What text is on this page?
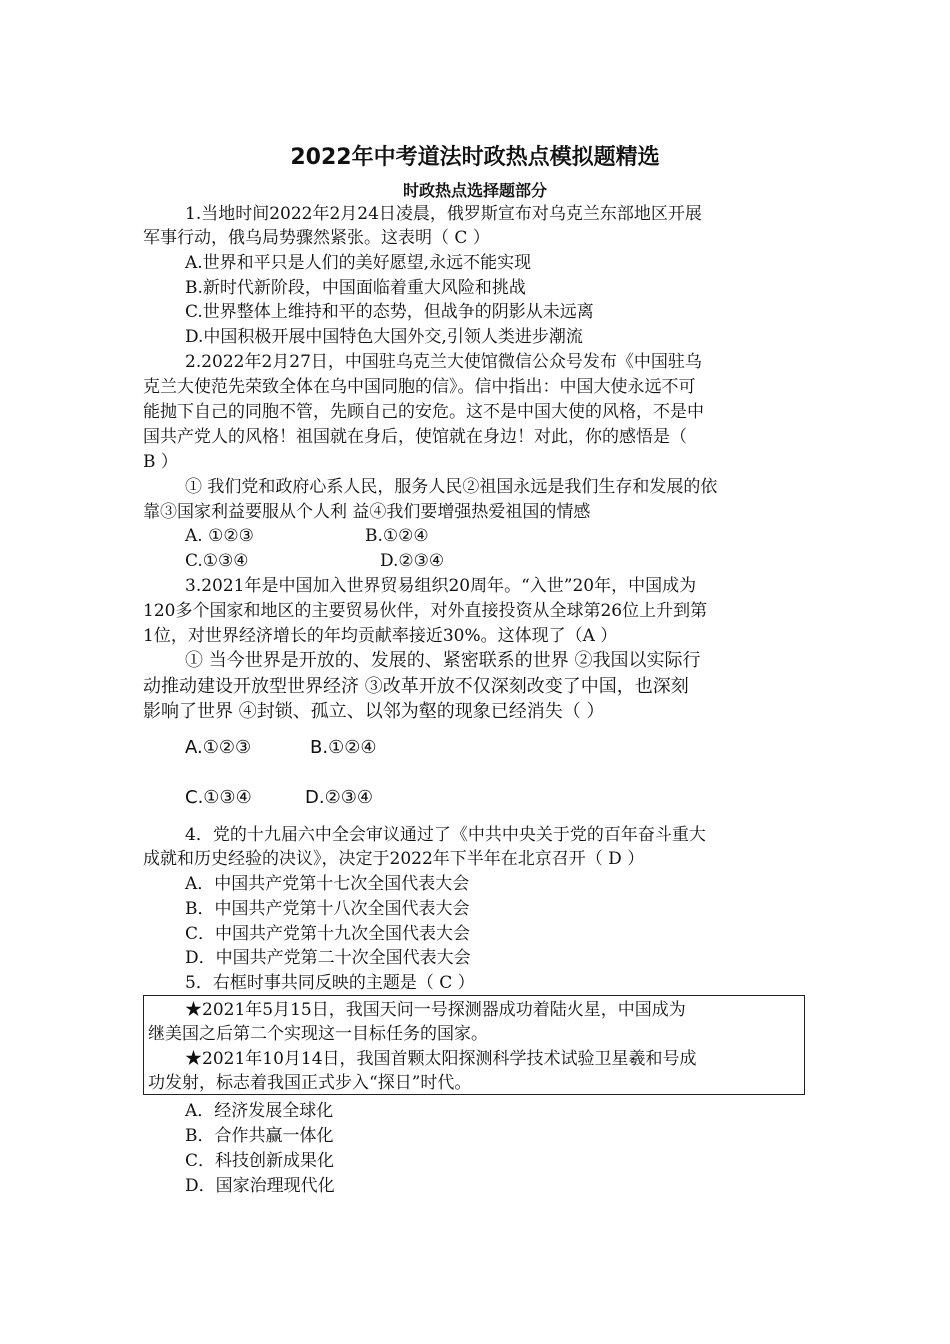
2022年中考道法时政热点模拟题精选
时政热点选择题部分
1.当地时间2022年2月24日凌晨，俄罗斯宣布对乌克兰东部地区开展
军事行动，俄乌局势骤然紧张。这表明（ C ）
A.世界和平只是人们的美好愿望,永远不能实现
B.新时代新阶段，中国面临着重大风险和挑战
C.世界整体上维持和平的态势，但战争的阴影从未远离
D.中国积极开展中国特色大国外交,引领人类进步潮流
2.2022年2月27日，中国驻乌克兰大使馆微信公众号发布《中国驻乌
克兰大使范先荣致全体在乌中国同胞的信》。信中指出：中国大使永远不可
能抛下自己的同胞不管，先顾自己的安危。这不是中国大使的风格，不是中
国共产党人的风格！祖国就在身后，使馆就在身边！对此，你的感悟是（
B ）
① 我们党和政府心系人民，服务人民②祖国永远是我们生存和发展的依
靠③国家利益要服从个人利 益④我们要增强热爱祖国的情感
A. ①②③	B.①②④
C.①③④	D.②③④
3.2021年是中国加入世界贸易组织20周年。“入世”20年，中国成为
120多个国家和地区的主要贸易伙伴，对外直接投资从全球第26位上升到第
1位，对世界经济增长的年均贡献率接近30%。这体现了（A ）
① 当今世界是开放的、发展的、紧密联系的世界 ②我国以实际行
动推动建设开放型世界经济 ③改革开放不仅深刻改变了中国，也深刻
影响了世界 ④封锁、孤立、以邻为壑的现象已经消失（ ）
A.①②③	B.①②④
C.①③④	D.②③④
4．党的十九届六中全会审议通过了《中共中央关于党的百年奋斗重大
成就和历史经验的决议》，决定于2022年下半年在北京召开（ D ）
A．中国共产党第十七次全国代表大会
B．中国共产党第十八次全国代表大会
C．中国共产党第十九次全国代表大会
D．中国共产党第二十次全国代表大会
5．右框时事共同反映的主题是（ C ）
★2021年5月15日，我国天问一号探测器成功着陆火星，中国成为
继美国之后第二个实现这一目标任务的国家。
★2021年10月14日，我国首颗太阳探测科学技术试验卫星羲和号成
功发射，标志着我国正式步入“探日”时代。
A．经济发展全球化
B．合作共赢一体化
C．科技创新成果化
D．国家治理现代化
